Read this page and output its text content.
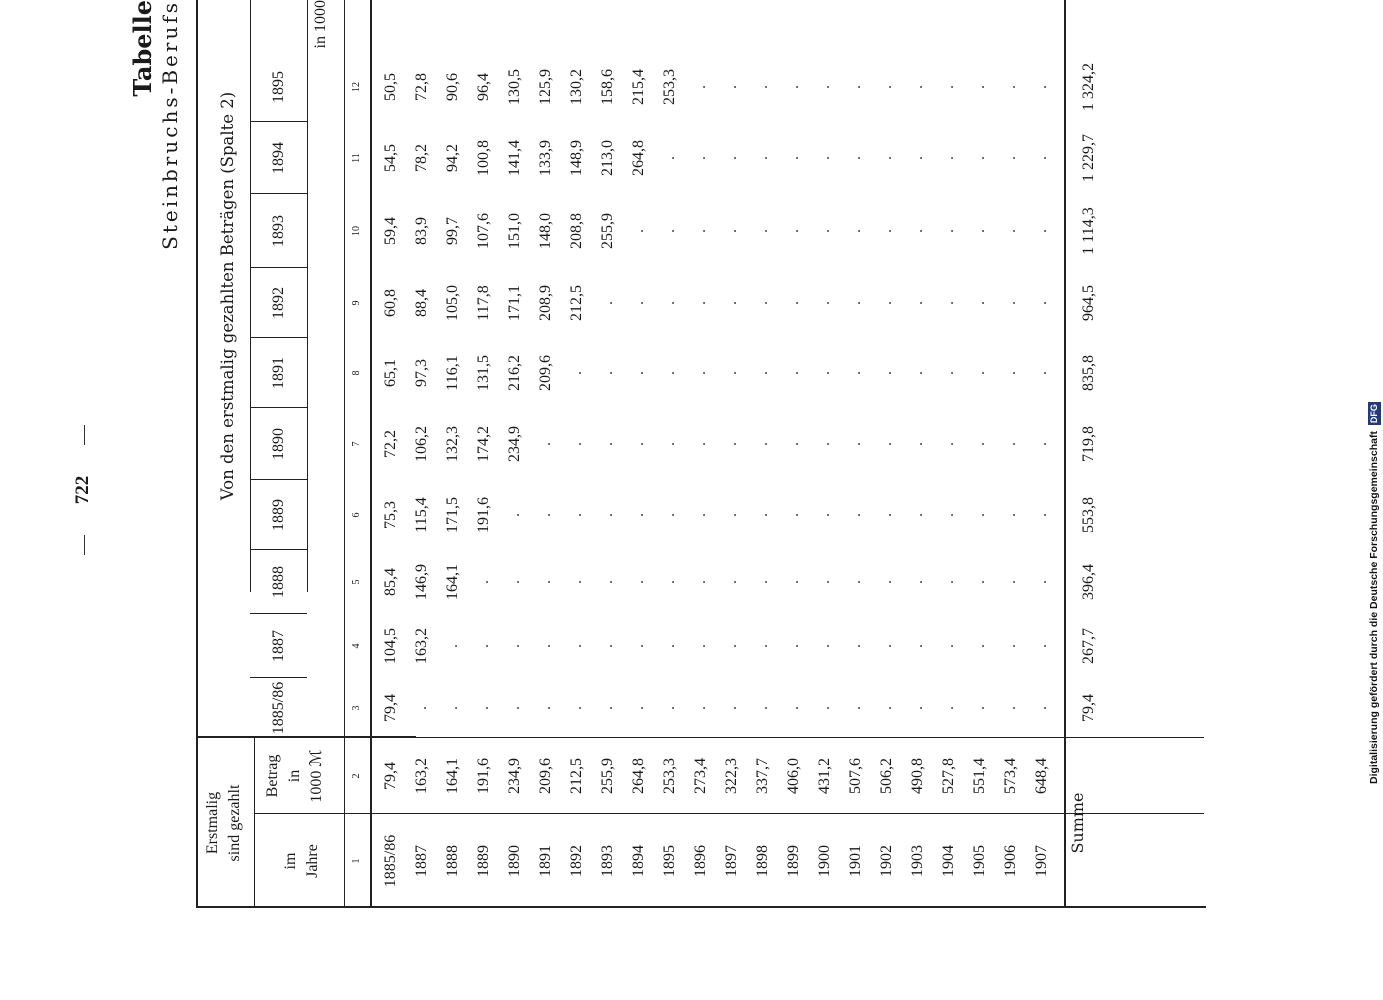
722
Tabelle Steinbruchs-Berufs Von den erstmalig gezahlten Beträgen (Spalte 2)
in 1000
Erstmalig sind gezahlt im Jahre
Betrag in 1000 ℳ
1885/86
1887
1888
1889
1890
1891
1892
1893
1894
1895
1
2
3
4
5
6
7
8
9
10
11
12
1885/86
79,4
79,4
104,5
85,4
75,3
72,2
65,1
60,8
59,4
54,5
50,5
1887
163,2
.
163,2
146,9
115,4
106,2
97,3
88,4
83,9
78,2
72,8
1888
164,1
.
.
164,1
171,5
132,3
116,1
105,0
99,7
94,2
90,6
1889
191,6
.
.
.
191,6
174,2
131,5
117,8
107,6
100,8
96,4
1890
234,9
.
.
.
.
234,9
216,2
171,1
151,0
141,4
130,5
1891
209,6
.
.
.
.
.
209,6
208,9
148,0
133,9
125,9
1892
212,5
.
.
.
.
.
.
212,5
208,8
148,9
130,2
1893
255,9
.
.
.
.
.
.
.
255,9
213,0
158,6
1894
264,8
.
.
.
.
.
.
.
.
264,8
215,4
1895
253,3
.
.
.
.
.
.
.
.
.
253,3
1896
273,4
.
.
.
.
.
.
.
.
.
.
1897
322,3
.
.
.
.
.
.
.
.
.
.
1898
337,7
.
.
.
.
.
.
.
.
.
.
1899
406,0
.
.
.
.
.
.
.
.
.
.
1900
431,2
.
.
.
.
.
.
.
.
.
.
1901
507,6
.
.
.
.
.
.
.
.
.
.
1902
506,2
.
.
.
.
.
.
.
.
.
.
1903
490,8
.
.
.
.
.
.
.
.
.
.
1904
527,8
.
.
.
.
.
.
.
.
.
.
1905
551,4
.
.
.
.
.
.
.
.
.
.
1906
573,4
.
.
.
.
.
.
.
.
.
.
1907
648,4
.
.
.
.
.
.
.
.
.
.
Summe
79,4
267,7
396,4
553,8
719,8
835,8
964,5
1 114,3
1 229,7
1 324,2
Digitalisierung gefördert durch die Deutsche Forschungsgemeinschaft DFG
